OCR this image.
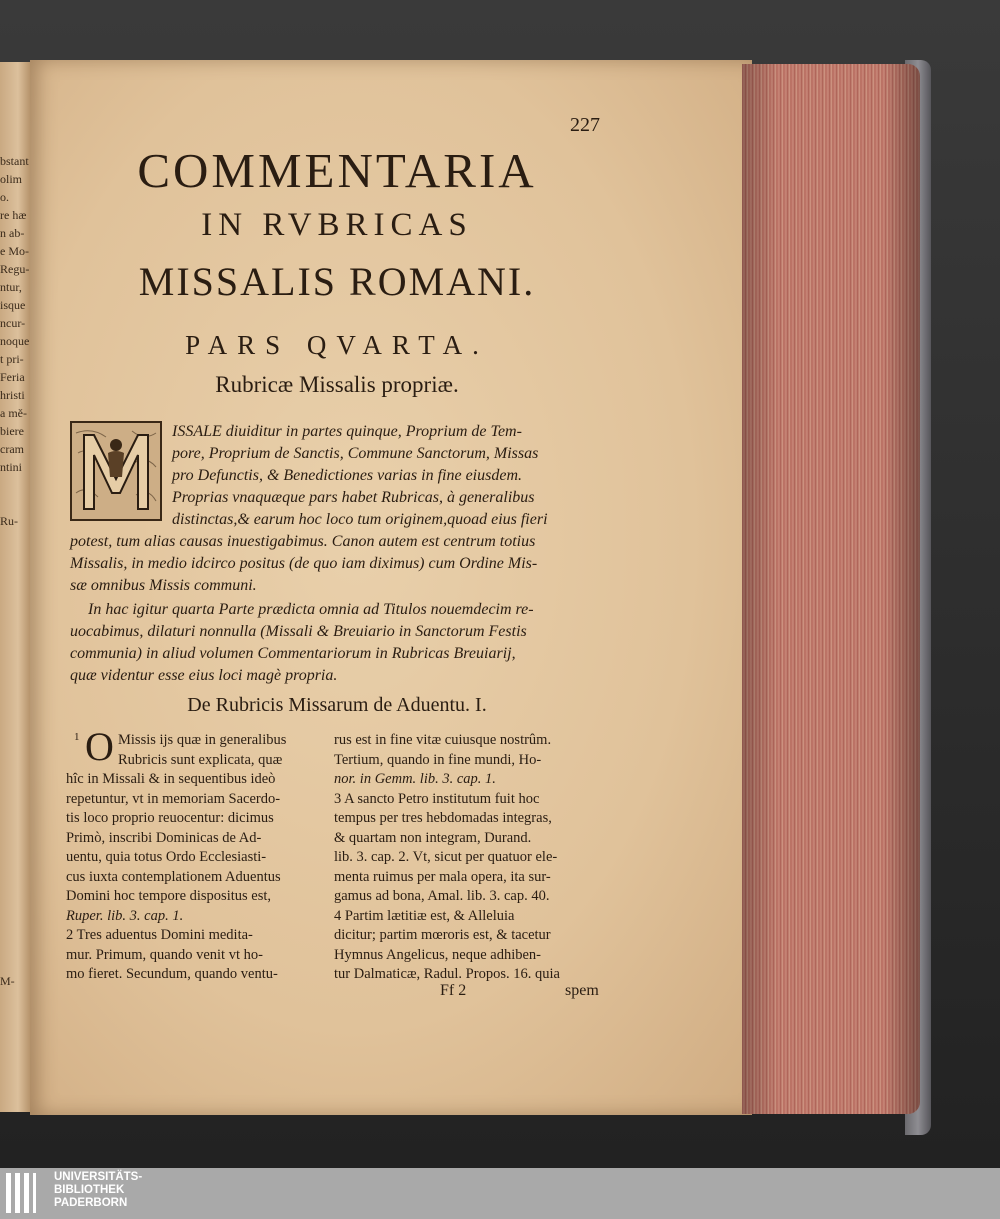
bstant
olim
o.
re hæ
n ab-
e Mo-
Regu-
ntur,
isque
ncur-
noque
t pri-
Feria
hristi
a mě-
biere
cram
ntini
Ru-
M-
227
COMMENTARIA
IN RVBRICAS
MISSALIS ROMANI.
PARS QVARTA.
Rubricæ Missalis propriæ.
ISSALE diuiditur in partes quinque, Proprium de Tem-
pore, Proprium de Sanctis, Commune Sanctorum, Missas
pro Defunctis, & Benedictiones varias in fine eiusdem.
Proprias vnaquæque pars habet Rubricas, à generalibus
distinctas,& earum hoc loco tum originem,quoad eius fieri
potest, tum alias causas inuestigabimus. Canon autem est centrum totius
Missalis, in medio idcirco positus (de quo iam diximus) cum Ordine Mis-
sæ omnibus Missis communi.
In hac igitur quarta Parte prædicta omnia ad Titulos nouemdecim re-
uocabimus, dilaturi nonnulla (Missali & Breuiario in Sanctorum Festis
communia) in aliud volumen Commentariorum in Rubricas Breuiarij,
quæ videntur esse eius loci magè propria.
De Rubricis Missarum de Aduentu. I.
1 O Missis ijs quæ in generalibus
Rubricis sunt explicata, quæ
hîc in Missali & in sequentibus ideò
repetuntur, vt in memoriam Sacerdo-
tis loco proprio reuocentur: dicimus
Primò, inscribi Dominicas de Ad-
uentu, quia totus Ordo Ecclesiasti-
cus iuxta contemplationem Aduentus
Domini hoc tempore dispositus est,
Ruper. lib. 3. cap. 1.
2 Tres aduentus Domini medita-
mur. Primum, quando venit vt ho-
mo fieret. Secundum, quando ventu-
rus est in fine vitæ cuiusque nostrûm.
Tertium, quando in fine mundi, Ho-
nor. in Gemm. lib. 3. cap. 1.
3 A sancto Petro institutum fuit hoc
tempus per tres hebdomadas integras,
& quartam non integram, Durand.
lib. 3. cap. 2. Vt, sicut per quatuor ele-
menta ruimus per mala opera, ita sur-
gamus ad bona, Amal. lib. 3. cap. 40.
4 Partim lætitiæ est, & Alleluia
dicitur; partim mœroris est, & tacetur
Hymnus Angelicus, neque adhiben-
tur Dalmaticæ, Radul. Propos. 16. quia
Ff 2	spem
UNIVERSITÄTS-
BIBLIOTHEK
PADERBORN
